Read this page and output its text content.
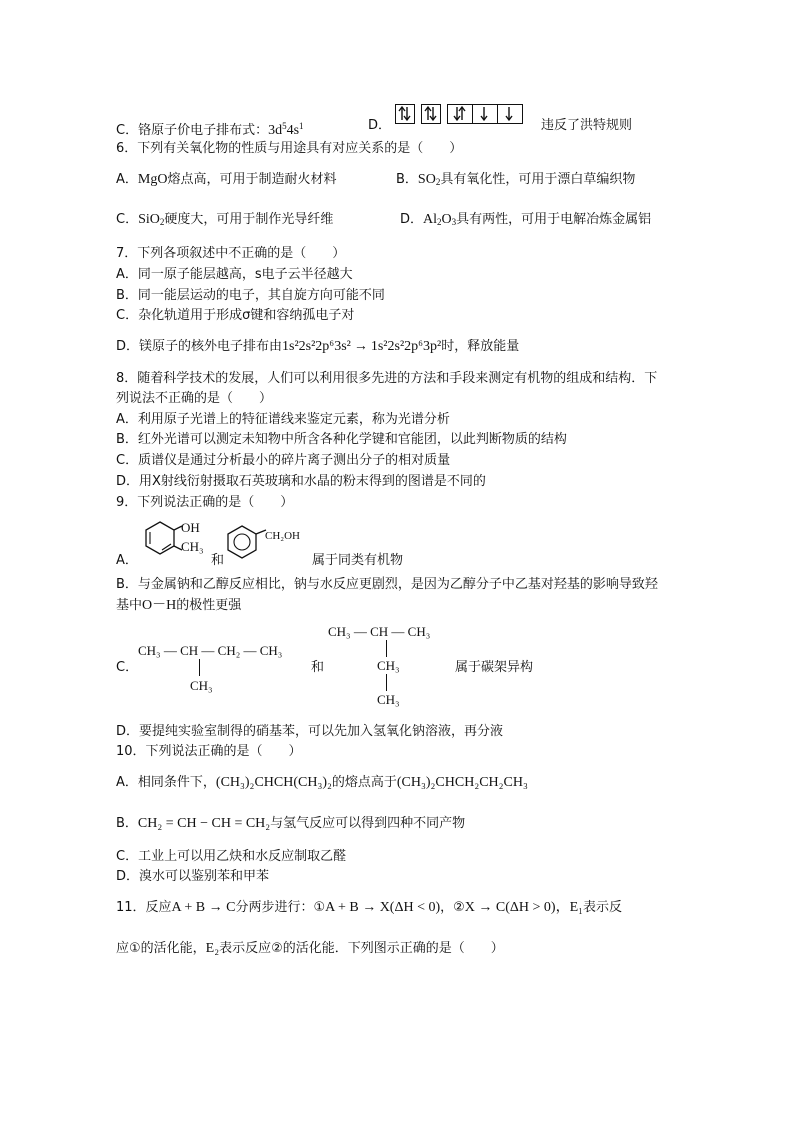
C．铬原子价电子排布式：$3d^54s^1$	D．	违反了洪特规则
6．下列有关氧化物的性质与用途具有对应关系的是（　　）
A．MgO熔点高，可用于制造耐火材料	B．$SO_2$具有氧化性，可用于漂白草编织物
C．SiO$_2$硬度大，可用于制作光导纤维	D．$Al_2O_3$具有两性，可用于电解冶炼金属铝
7．下列各项叙述中不正确的是（　　）
A．同一原子能层越高，s电子云半径越大
B．同一能层运动的电子，其自旋方向可能不同
C．杂化轨道用于形成σ键和容纳孤电子对
D．镁原子的核外电子排布由1s²2s²2p⁶3s² → 1s²2s²2p⁶3p²时，释放能量
8．随着科学技术的发展，人们可以利用很多先进的方法和手段来测定有机物的组成和结构．下
列说法不正确的是（　　）
A．利用原子光谱上的特征谱线来鉴定元素，称为光谱分析
B．红外光谱可以测定未知物中所含各种化学键和官能团，以此判断物质的结构
C．质谱仪是通过分析最小的碎片离子测出分子的相对质量
D．用X射线衍射摄取石英玻璃和水晶的粉末得到的图谱是不同的
9．下列说法正确的是（　　）
A．
OH
CH₃
和
CH₂OH
属于同类有机物
B．与金属钠和乙醇反应相比，钠与水反应更剧烈，是因为乙醇分子中乙基对羟基的影响导致羟
基中O－H的极性更强
C．
CH₃ — CH — CH₂ — CH₃
CH₃
和
CH₃ — CH — CH₃
CH₃
CH₃
属于碳架异构
D．要提纯实验室制得的硝基苯，可以先加入氢氧化钠溶液，再分液
10．下列说法正确的是（　　）
A．相同条件下，(CH₃)₂CHCH(CH₃)₂的熔点高于(CH₃)₂CHCH₂CH₂CH₃
B．CH₂ = CH − CH = CH₂与氢气反应可以得到四种不同产物
C．工业上可以用乙炔和水反应制取乙醛
D．溴水可以鉴别苯和甲苯
11．反应A + B → C分两步进行：①A + B → X(ΔH < 0)，②X → C(ΔH > 0)，E₁表示反
应①的活化能，E₂表示反应②的活化能．下列图示正确的是（　　）
